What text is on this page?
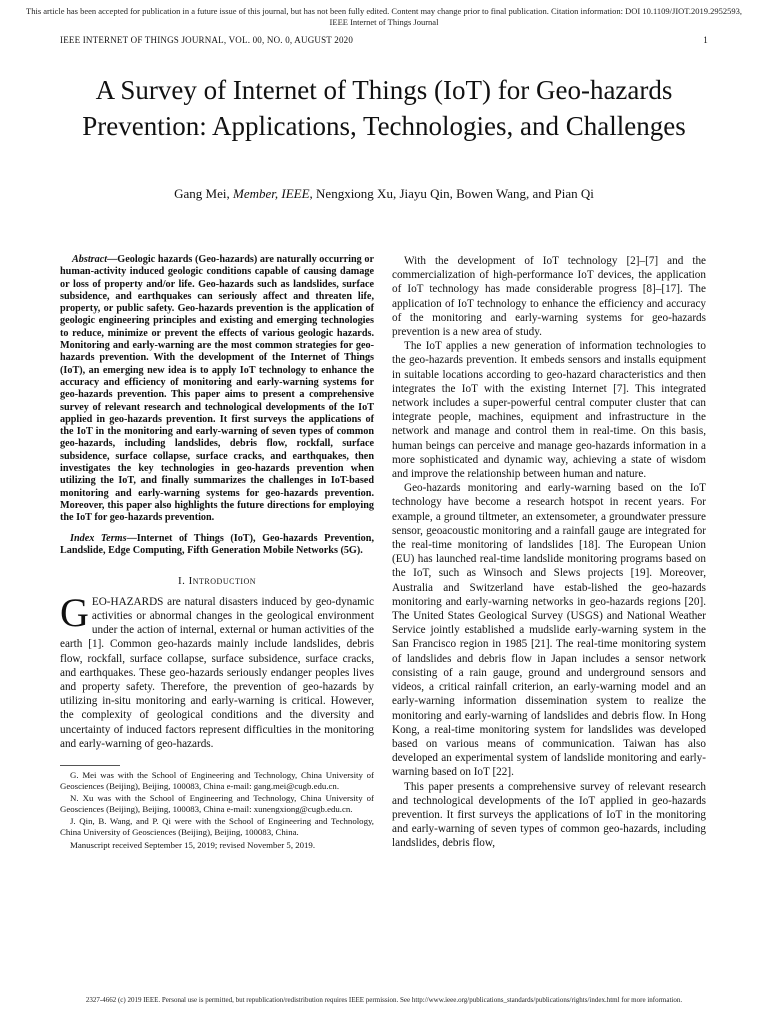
This article has been accepted for publication in a future issue of this journal, but has not been fully edited. Content may change prior to final publication. Citation information: DOI 10.1109/JIOT.2019.2952593, IEEE Internet of Things Journal
IEEE INTERNET OF THINGS JOURNAL, VOL. 00, NO. 0, AUGUST 2020	1
A Survey of Internet of Things (IoT) for Geo-hazards Prevention: Applications, Technologies, and Challenges
Gang Mei, Member, IEEE, Nengxiong Xu, Jiayu Qin, Bowen Wang, and Pian Qi

Abstract—Geologic hazards (Geo-hazards) are naturally occurring or human-activity induced geologic conditions capable of causing damage or loss of property and/or life. Geo-hazards such as landslides, surface subsidence, and earthquakes can seriously affect and threaten life, property, or public safety. Geo-hazards prevention is the application of geologic engineering principles and existing and emerging technologies to reduce, minimize or prevent the effects of various geologic hazards. Monitoring and early-warning are the most common strategies for geo-hazards prevention. With the development of the Internet of Things (IoT), an emerging new idea is to apply IoT technology to enhance the accuracy and efficiency of monitoring and early-warning systems for geo-hazards prevention. This paper aims to present a comprehensive survey of relevant research and technological developments of the IoT applied in geo-hazards prevention. It first surveys the applications of the IoT in the monitoring and early-warning of seven types of common geo-hazards, including landslides, debris flow, rockfall, surface subsidence, surface collapse, surface cracks, and earthquakes, then investigates the key technologies in geo-hazards prevention when utilizing the IoT, and finally summarizes the challenges in IoT-based monitoring and early-warning systems for geo-hazards prevention. Moreover, this paper also highlights the future directions for employing the IoT for geo-hazards prevention.

Index Terms—Internet of Things (IoT), Geo-hazards Prevention, Landslide, Edge Computing, Fifth Generation Mobile Networks (5G).

I. Introduction

GEO-HAZARDS are natural disasters induced by geo-dynamic activities or abnormal changes in the geological environment under the action of internal, external or human activities of the earth [1]. Common geo-hazards mainly include landslides, debris flow, rockfall, surface collapse, surface subsidence, surface cracks, and earthquakes. These geo-hazards seriously endanger peoples lives and property safety. Therefore, the prevention of geo-hazards by utilizing in-situ monitoring and early-warning is critical. However, the complexity of geological conditions and the diversity and uncertainty of induced factors represent difficulties in the monitoring and early-warning of geo-hazards.

G. Mei was with the School of Engineering and Technology, China University of Geosciences (Beijing), Beijing, 100083, China e-mail: gang.mei@cugb.edu.cn.

N. Xu was with the School of Engineering and Technology, China University of Geosciences (Beijing), Beijing, 100083, China e-mail: xunengxiong@cugb.edu.cn.

J. Qin, B. Wang, and P. Qi were with the School of Engineering and Technology, China University of Geosciences (Beijing), Beijing, 100083, China.

Manuscript received September 15, 2019; revised November 5, 2019.

With the development of IoT technology [2]–[7] and the commercialization of high-performance IoT devices, the application of IoT technology has made considerable progress [8]–[17]. The application of IoT technology to enhance the efficiency and accuracy of the monitoring and early-warning systems for geo-hazards prevention is a new area of study.

The IoT applies a new generation of information technologies to the geo-hazards prevention. It embeds sensors and installs equipment in suitable locations according to geo-hazard characteristics and then integrates the IoT with the existing Internet [7]. This integrated network includes a super-powerful central computer cluster that can integrate people, machines, equipment and infrastructure in the network and manage and control them in real-time. On this basis, human beings can perceive and manage geo-hazards information in a more sophisticated and dynamic way, achieving a state of wisdom and improve the relationship between human and nature.

Geo-hazards monitoring and early-warning based on the IoT technology have become a research hotspot in recent years. For example, a ground tiltmeter, an extensometer, a groundwater pressure sensor, geoacoustic monitoring and a rainfall gauge are integrated for the real-time monitoring of landslides [18]. The European Union (EU) has launched real-time landslide monitoring programs based on the IoT, such as Winsoch and Slews projects [19]. Moreover, Australia and Switzerland have estab-lished the geo-hazards monitoring and early-warning networks in geo-hazards regions [20]. The United States Geological Survey (USGS) and National Weather Service jointly established a mudslide early-warning system in the San Francisco region in 1985 [21]. The real-time monitoring system of landslides and debris flow in Japan includes a sensor network consisting of a rain gauge, ground and underground sensors and videos, a critical rainfall criterion, an early-warning model and an early-warning information dissemination system to realize the monitoring and early-warning of landslides and debris flow. In Hong Kong, a real-time monitoring system for landslides was developed based on various means of communication. Taiwan has also developed an experimental system of landslide monitoring and early-warning based on IoT [22].

This paper presents a comprehensive survey of relevant research and technological developments of the IoT applied in geo-hazards prevention. It first surveys the applications of IoT in the monitoring and early-warning of seven types of common geo-hazards, including landslides, debris flow,

2327-4662 (c) 2019 IEEE. Personal use is permitted, but republication/redistribution requires IEEE permission. See http://www.ieee.org/publications_standards/publications/rights/index.html for more information.
